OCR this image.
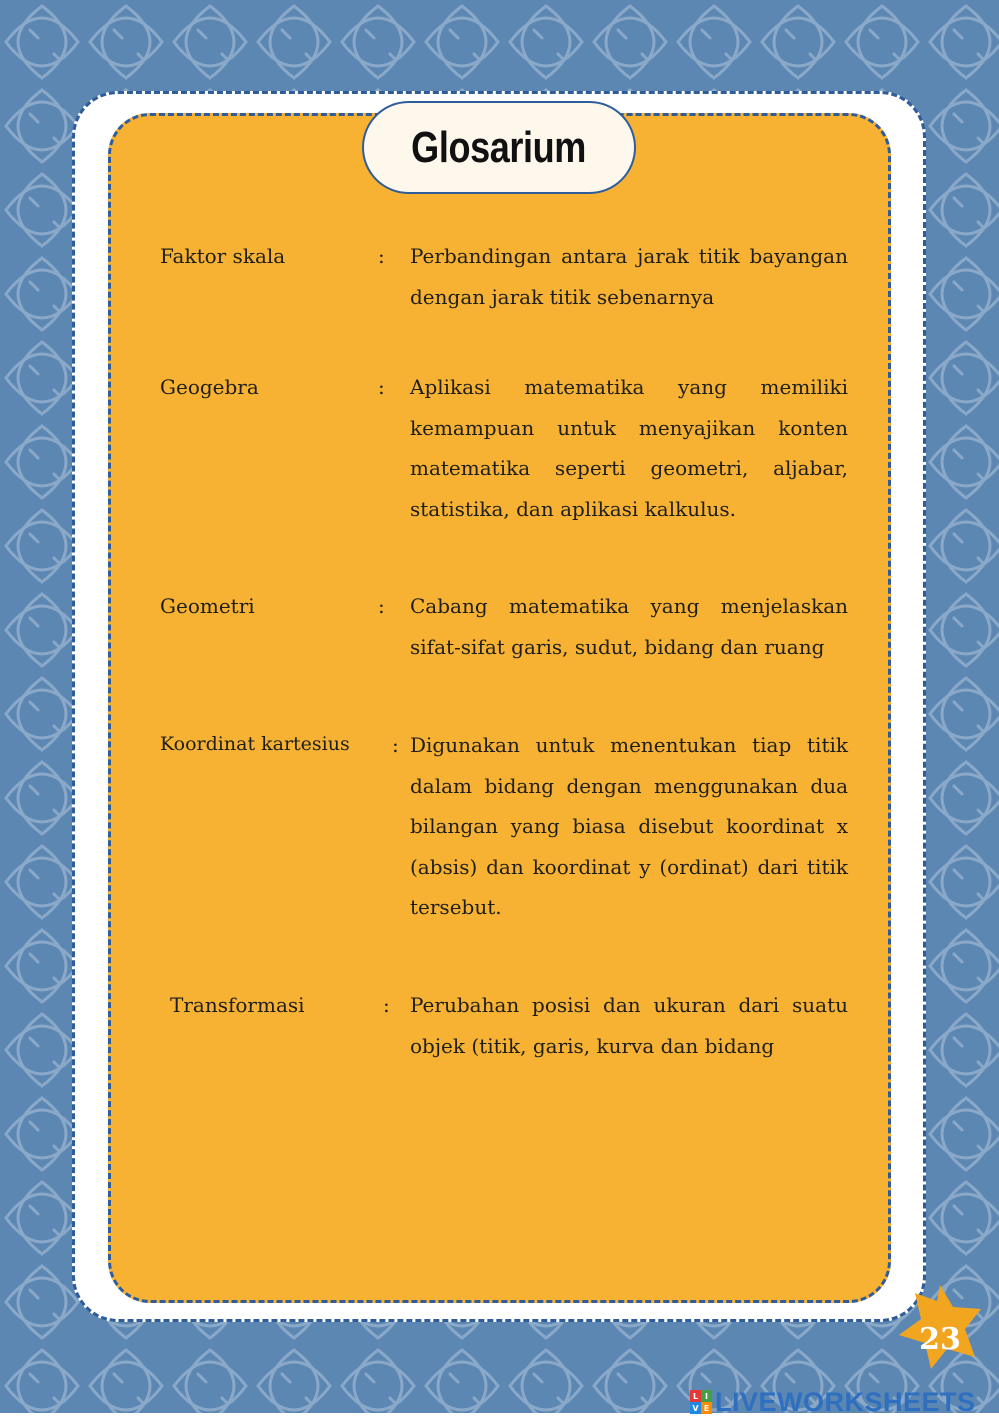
Glosarium
Faktor skala	: Perbandingan antara jarak titik bayangan dengan jarak titik sebenarnya
Geogebra	: Aplikasi matematika yang memiliki kemampuan untuk menyajikan konten matematika seperti geometri, aljabar, statistika, dan aplikasi kalkulus.
Geometri	: Cabang matematika yang menjelaskan sifat-sifat garis, sudut, bidang dan ruang
Koordinat kartesius : Digunakan untuk menentukan tiap titik dalam bidang dengan menggunakan dua bilangan yang biasa disebut koordinat x (absis) dan koordinat y (ordinat) dari titik tersebut.
Transformasi	: Perubahan posisi dan ukuran dari suatu objek (titik, garis, kurva dan bidang
23
L I
V E LIVEWORKSHEETS
